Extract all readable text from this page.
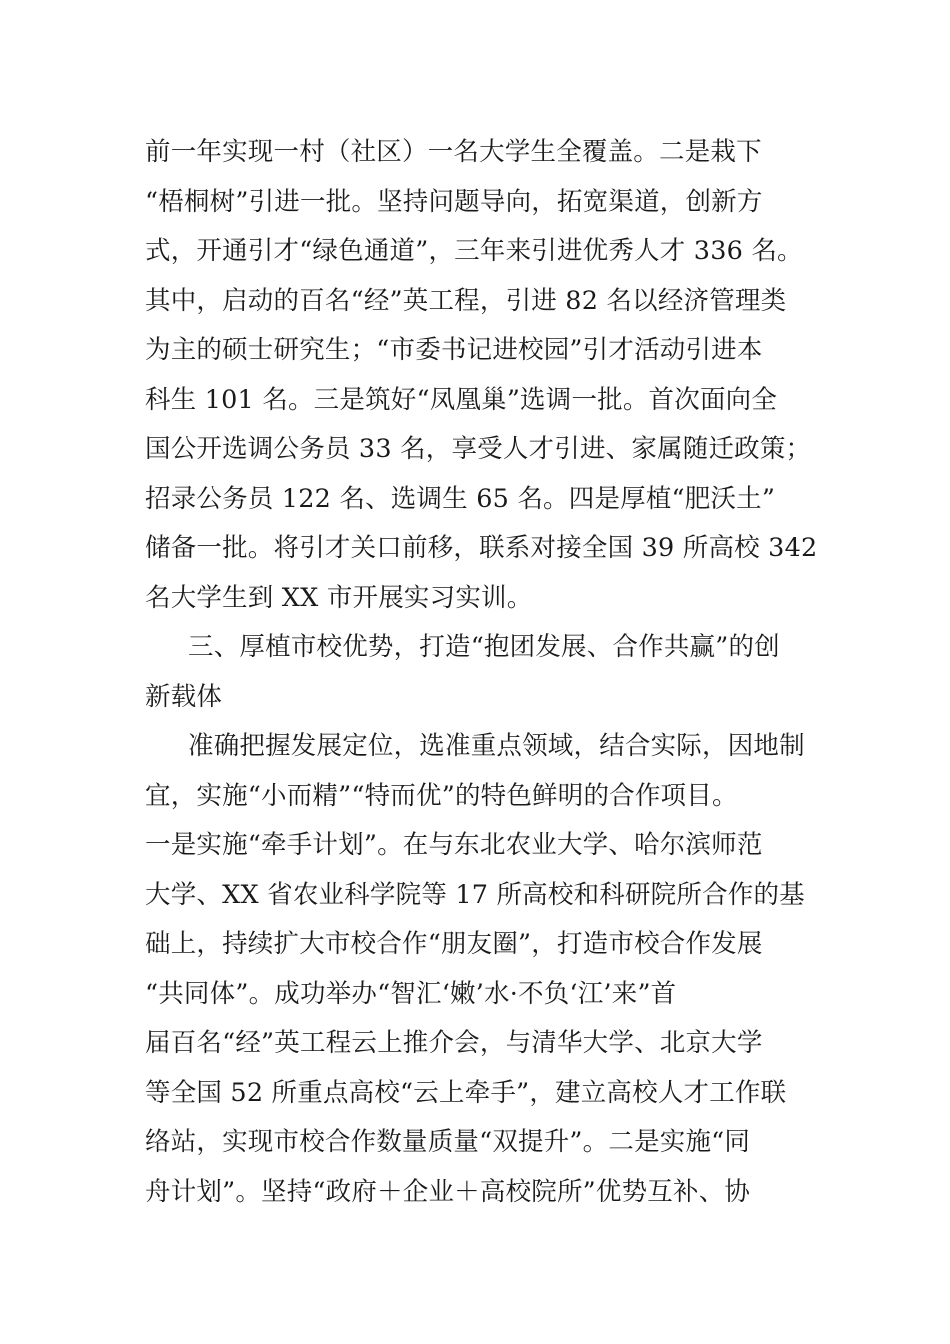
前一年实现一村（社区）一名大学生全覆盖。二是栽下
“梧桐树”引进一批。坚持问题导向，拓宽渠道，创新方
式，开通引才“绿色通道”，三年来引进优秀人才 336 名。
其中，启动的百名“经”英工程，引进 82 名以经济管理类
为主的硕士研究生；“市委书记进校园”引才活动引进本
科生 101 名。三是筑好“凤凰巢”选调一批。首次面向全
国公开选调公务员 33 名，享受人才引进、家属随迁政策；
招录公务员 122 名、选调生 65 名。四是厚植“肥沃土”
储备一批。将引才关口前移，联系对接全国 39 所高校 342
名大学生到 XX 市开展实习实训。
三、厚植市校优势，打造“抱团发展、合作共赢”的创
新载体
准确把握发展定位，选准重点领域，结合实际，因地制
宜，实施“小而精”“特而优”的特色鲜明的合作项目。
一是实施“牵手计划”。在与东北农业大学、哈尔滨师范
大学、XX 省农业科学院等 17 所高校和科研院所合作的基
础上，持续扩大市校合作“朋友圈”，打造市校合作发展
“共同体”。成功举办“智汇‘嫩’水·不负‘江’来”首
届百名“经”英工程云上推介会，与清华大学、北京大学
等全国 52 所重点高校“云上牵手”，建立高校人才工作联
络站，实现市校合作数量质量“双提升”。二是实施“同
舟计划”。坚持“政府＋企业＋高校院所”优势互补、协
